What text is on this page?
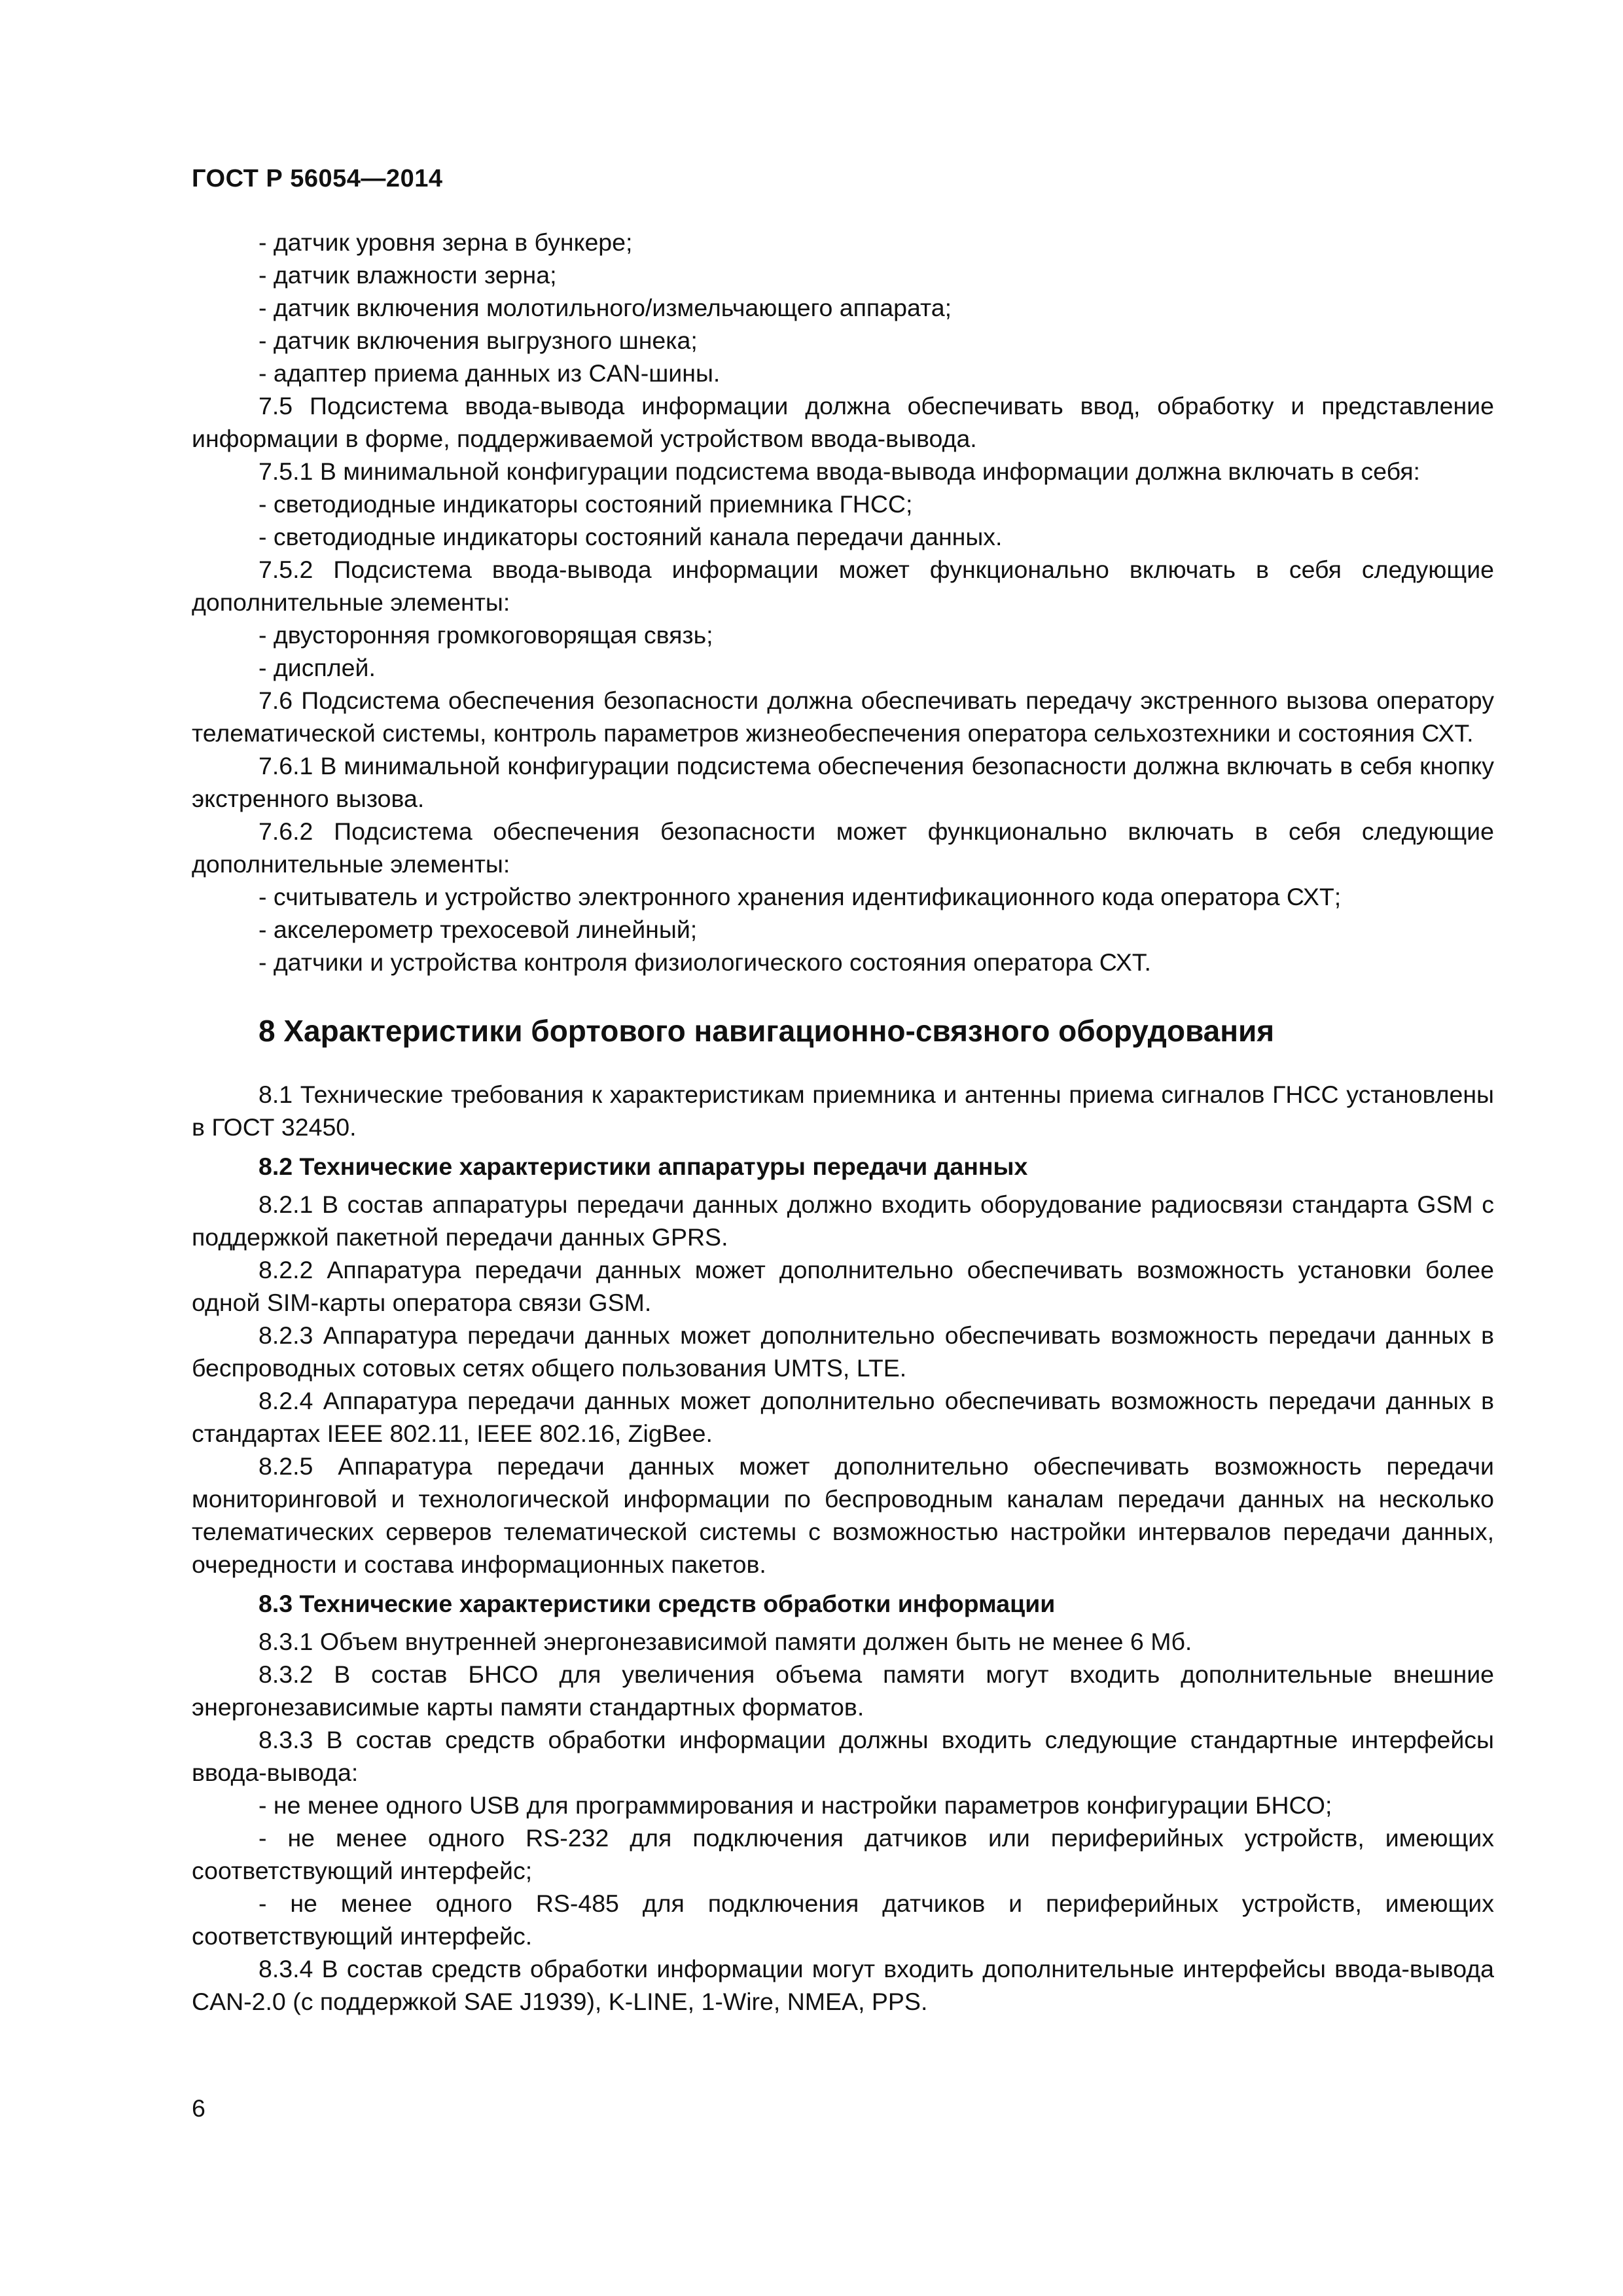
ГОСТ Р 56054—2014

- датчик уровня зерна в бункере;

- датчик влажности зерна;

- датчик включения молотильного/измельчающего аппарата;

- датчик включения выгрузного шнека;

- адаптер приема данных из CAN-шины.

7.5 Подсистема ввода-вывода информации должна обеспечивать ввод, обработку и представление информации в форме, поддерживаемой устройством ввода-вывода.

7.5.1 В минимальной конфигурации подсистема ввода-вывода информации должна включать в себя:

- светодиодные индикаторы состояний приемника ГНСС;

- светодиодные индикаторы состояний канала передачи данных.

7.5.2 Подсистема ввода-вывода информации может функционально включать в себя следующие дополнительные элементы:

- двусторонняя громкоговорящая связь;

- дисплей.

7.6 Подсистема обеспечения безопасности должна обеспечивать передачу экстренного вызова оператору телематической системы, контроль параметров жизнеобеспечения оператора сельхозтехники и состояния СХТ.

7.6.1 В минимальной конфигурации подсистема обеспечения безопасности должна включать в себя кнопку экстренного вызова.

7.6.2 Подсистема обеспечения безопасности может функционально включать в себя следующие дополнительные элементы:

- считыватель и устройство электронного хранения идентификационного кода оператора СХТ;

- акселерометр трехосевой линейный;

- датчики и устройства контроля физиологического состояния оператора СХТ.

8 Характеристики бортового навигационно-связного оборудования

8.1 Технические требования к характеристикам приемника и антенны приема сигналов ГНСС установлены в ГОСТ 32450.

8.2 Технические характеристики аппаратуры передачи данных

8.2.1 В состав аппаратуры передачи данных должно входить оборудование радиосвязи стандарта GSM с поддержкой пакетной передачи данных GPRS.

8.2.2 Аппаратура передачи данных может дополнительно обеспечивать возможность установки более одной SIM-карты оператора связи GSM.

8.2.3 Аппаратура передачи данных может дополнительно обеспечивать возможность передачи данных в беспроводных сотовых сетях общего пользования UMTS, LTE.

8.2.4 Аппаратура передачи данных может дополнительно обеспечивать возможность передачи данных в стандартах IEEE 802.11, IEEE 802.16, ZigBee.

8.2.5 Аппаратура передачи данных может дополнительно обеспечивать возможность передачи мониторинговой и технологической информации по беспроводным каналам передачи данных на несколько телематических серверов телематической системы с возможностью настройки интервалов передачи данных, очередности и состава информационных пакетов.

8.3 Технические характеристики средств обработки информации

8.3.1 Объем внутренней энергонезависимой памяти должен быть не менее 6 Мб.

8.3.2 В состав БНСО для увеличения объема памяти могут входить дополнительные внешние энергонезависимые карты памяти стандартных форматов.

8.3.3 В состав средств обработки информации должны входить следующие стандартные интерфейсы ввода-вывода:

- не менее одного USB для программирования и настройки параметров конфигурации БНСО;

- не менее одного RS-232 для подключения датчиков или периферийных устройств, имеющих соответствующий интерфейс;

- не менее одного RS-485 для подключения датчиков и периферийных устройств, имеющих соответствующий интерфейс.

8.3.4 В состав средств обработки информации могут входить дополнительные интерфейсы ввода-вывода CAN-2.0 (с поддержкой SAE J1939), K-LINE, 1-Wire, NMEA, PPS.

6
